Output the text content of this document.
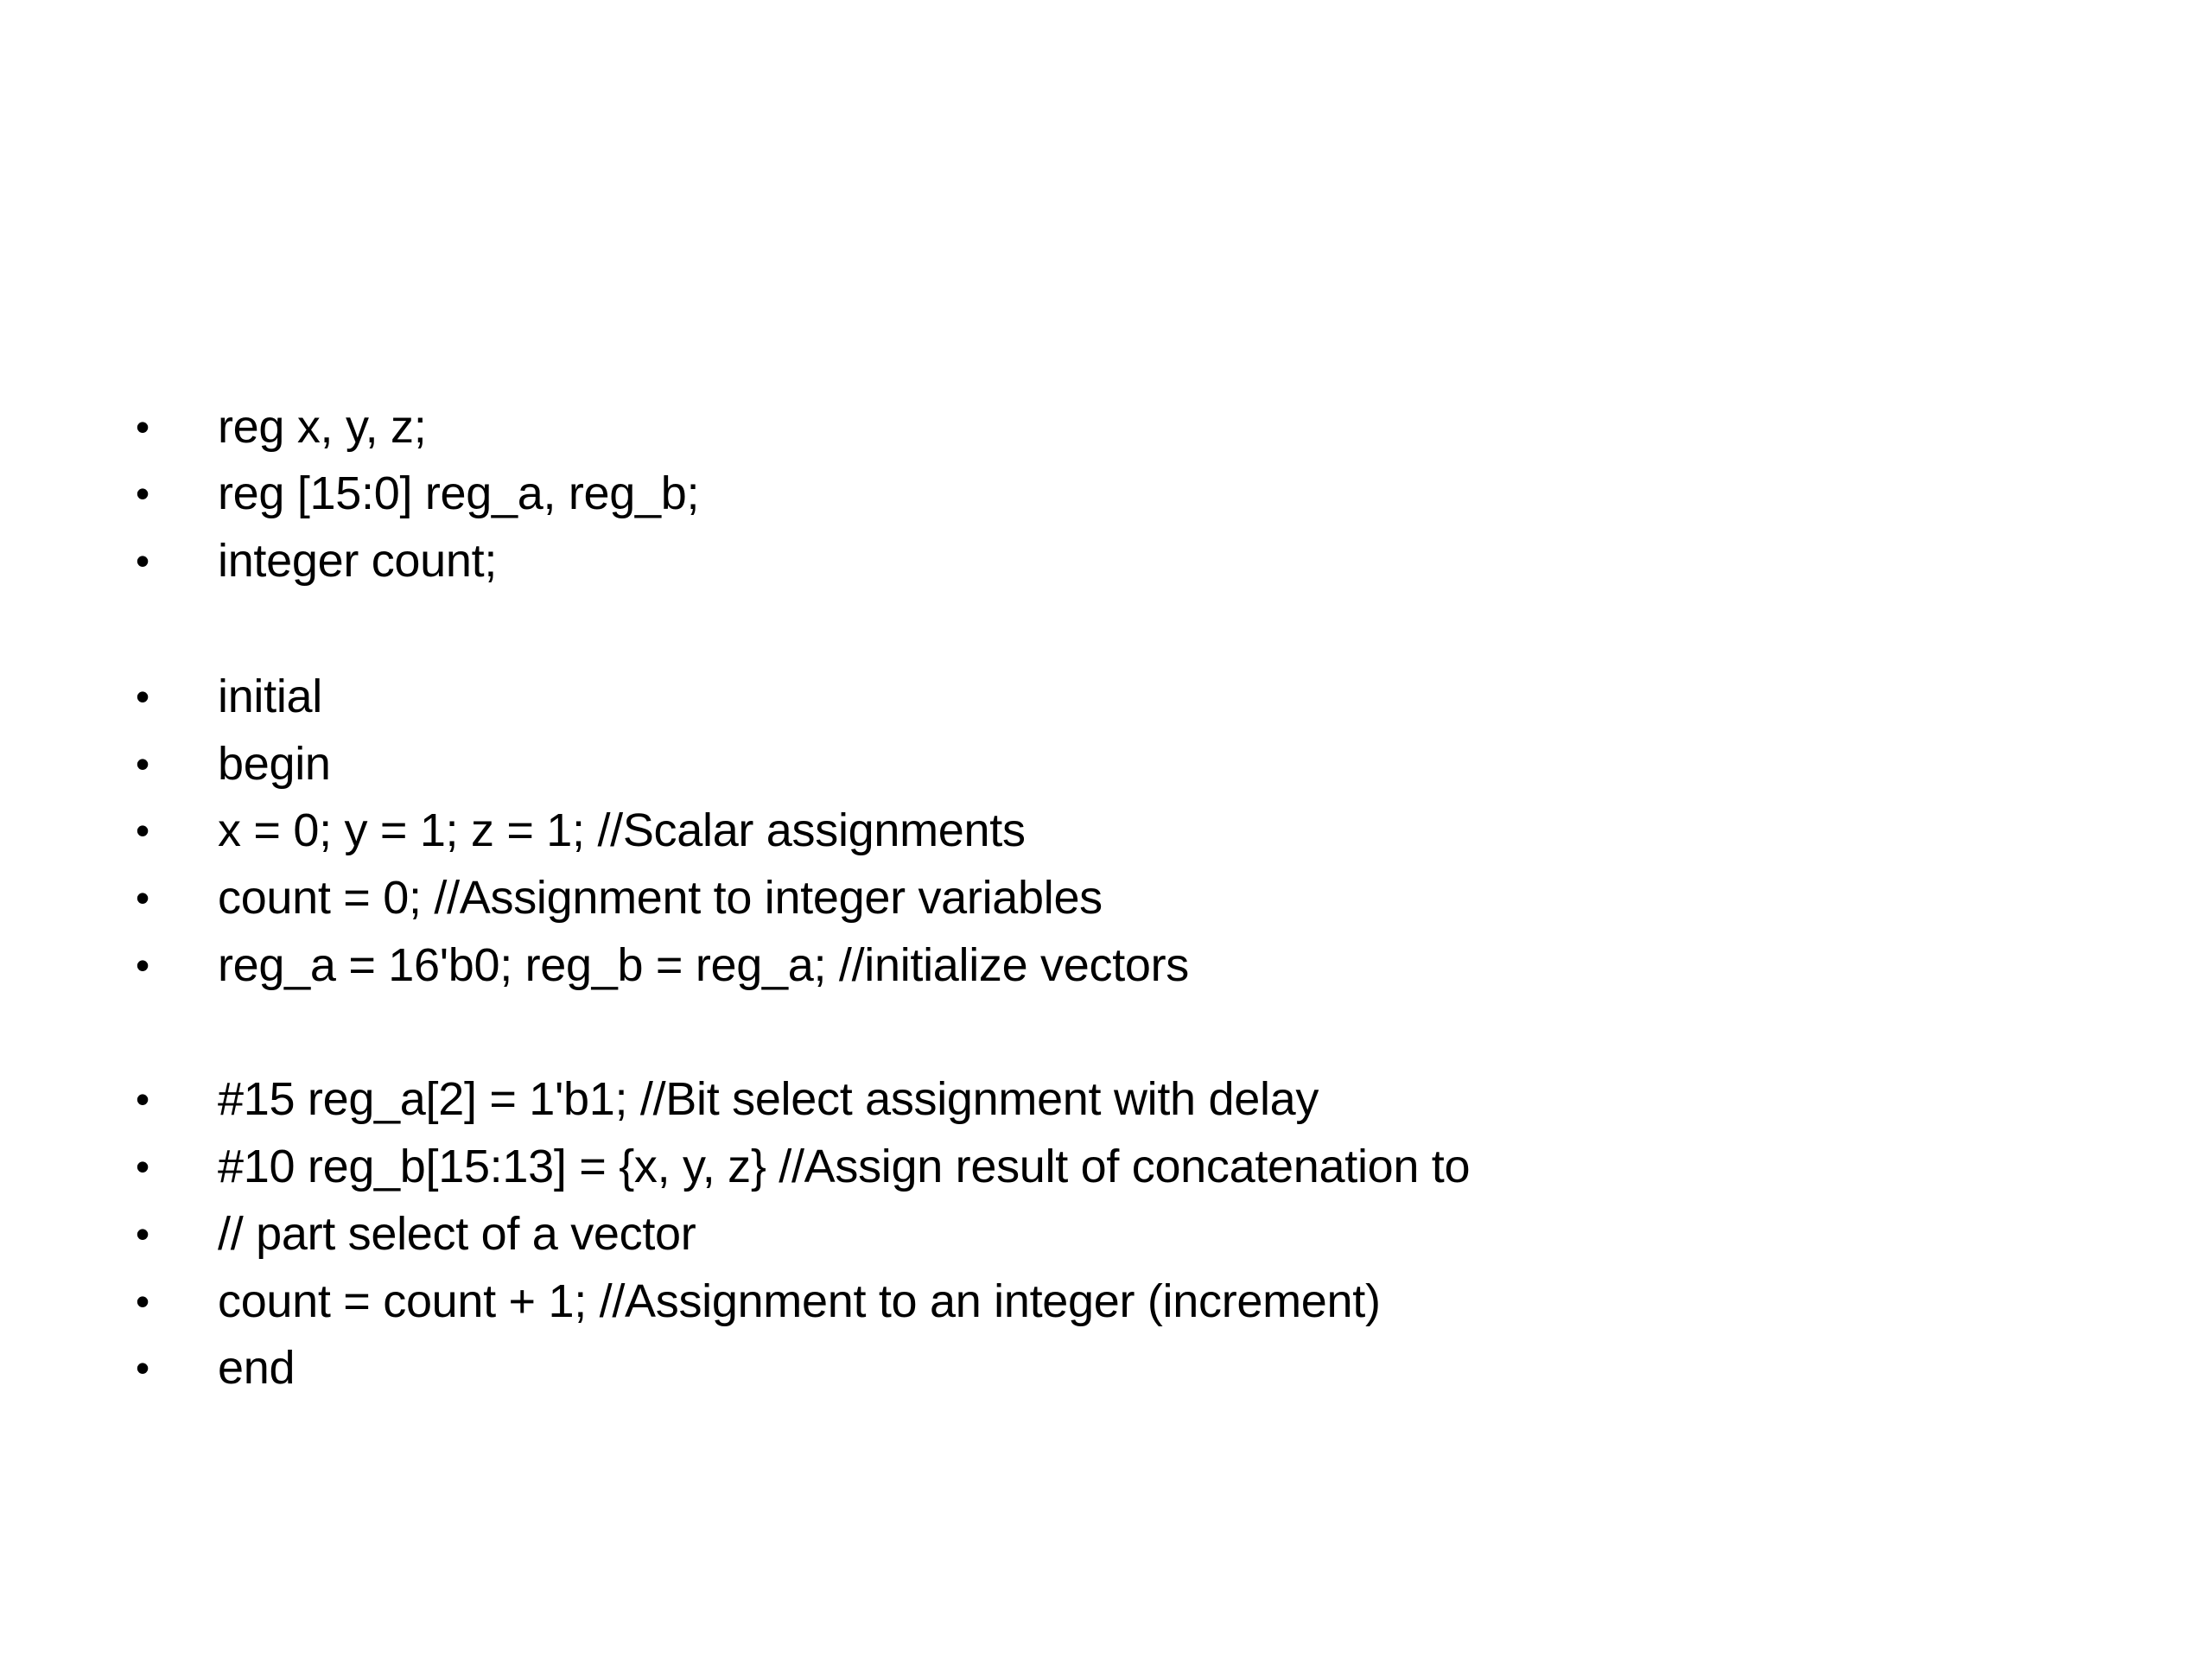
• reg x, y, z;
• reg [15:0] reg_a, reg_b;
• integer count;
• initial
• begin
• x = 0; y = 1; z = 1; //Scalar assignments
• count = 0; //Assignment to integer variables
• reg_a = 16'b0; reg_b = reg_a; //initialize vectors
• #15 reg_a[2] = 1'b1; //Bit select assignment with delay
• #10 reg_b[15:13] = {x, y, z} //Assign result of concatenation to
• // part select of a vector
• count = count + 1; //Assignment to an integer (increment)
• end
